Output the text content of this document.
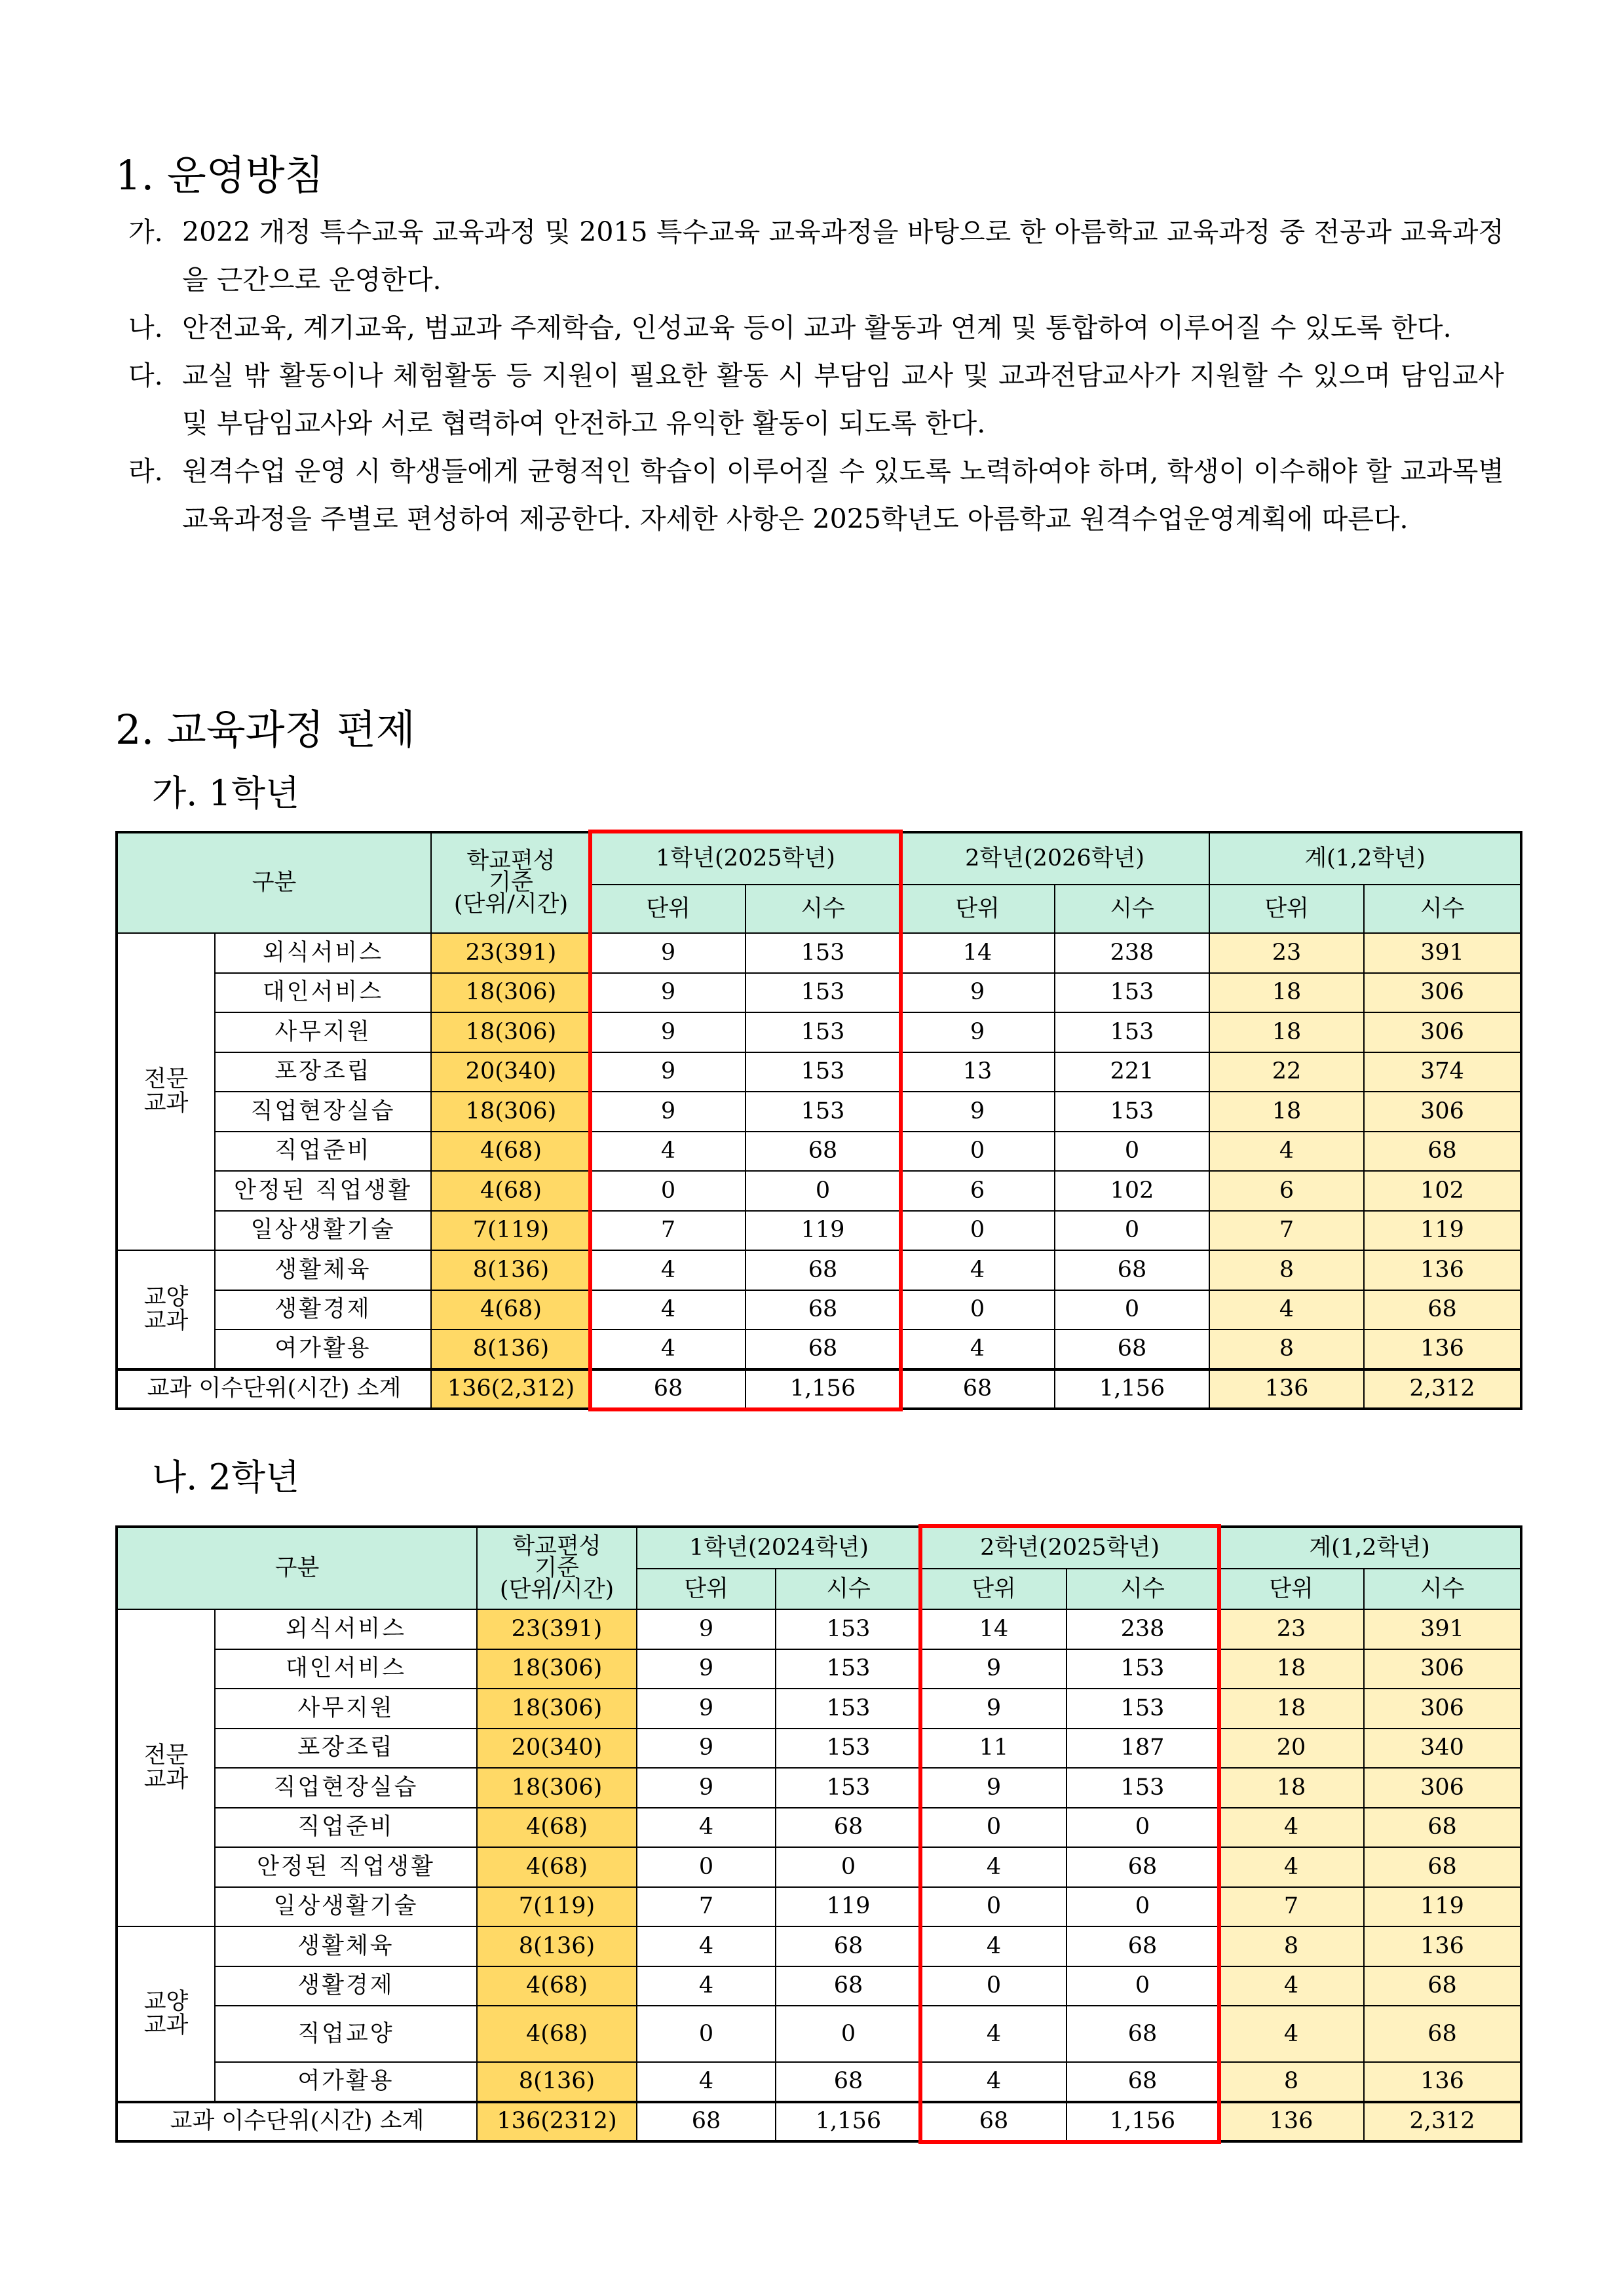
1. 운영방침
가. 2022 개정 특수교육 교육과정 및 2015 특수교육 교육과정을 바탕으로 한 아름학교 교육과정 중 전공과 교육과정을 근간으로 운영한다.
나. 안전교육, 계기교육, 범교과 주제학습, 인성교육 등이 교과 활동과 연계 및 통합하여 이루어질 수 있도록 한다.
다. 교실 밖 활동이나 체험활동 등 지원이 필요한 활동 시 부담임 교사 및 교과전담교사가 지원할 수 있으며 담임교사 및 부담임교사와 서로 협력하여 안전하고 유익한 활동이 되도록 한다.
라. 원격수업 운영 시 학생들에게 균형적인 학습이 이루어질 수 있도록 노력하여야 하며, 학생이 이수해야 할 교과목별 교육과정을 주별로 편성하여 제공한다. 자세한 사항은 2025학년도 아름학교 원격수업운영계획에 따른다.
2. 교육과정 편제
가. 1학년
구분		학교편성
기준
(단위/시간)	1학년(2025학년)		2학년(2026학년)		계(1,2학년)	
			단위	시수	단위	시수	단위	시수
전문
교과	외식서비스	23(391)	9	153	14	238	23	391
	대인서비스	18(306)	9	153	9	153	18	306
	사무지원	18(306)	9	153	9	153	18	306
	포장조립	20(340)	9	153	13	221	22	374
	직업현장실습	18(306)	9	153	9	153	18	306
	직업준비	4(68)	4	68	0	0	4	68
	안정된 직업생활	4(68)	0	0	6	102	6	102
	일상생활기술	7(119)	7	119	0	0	7	119
교양
교과	생활체육	8(136)	4	68	4	68	8	136
	생활경제	4(68)	4	68	0	0	4	68
	여가활용	8(136)	4	68	4	68	8	136
교과 이수단위(시간) 소계		136(2,312)	68	1,156	68	1,156	136	2,312
나. 2학년
구분		학교편성
기준
(단위/시간)	1학년(2024학년)		2학년(2025학년)		계(1,2학년)	
			단위	시수	단위	시수	단위	시수
전문
교과	외식서비스	23(391)	9	153	14	238	23	391
	대인서비스	18(306)	9	153	9	153	18	306
	사무지원	18(306)	9	153	9	153	18	306
	포장조립	20(340)	9	153	11	187	20	340
	직업현장실습	18(306)	9	153	9	153	18	306
	직업준비	4(68)	4	68	0	0	4	68
	안정된 직업생활	4(68)	0	0	4	68	4	68
	일상생활기술	7(119)	7	119	0	0	7	119
교양
교과	생활체육	8(136)	4	68	4	68	8	136
	생활경제	4(68)	4	68	0	0	4	68
	직업교양	4(68)	0	0	4	68	4	68
	여가활용	8(136)	4	68	4	68	8	136
교과 이수단위(시간) 소계		136(2312)	68	1,156	68	1,156	136	2,312
